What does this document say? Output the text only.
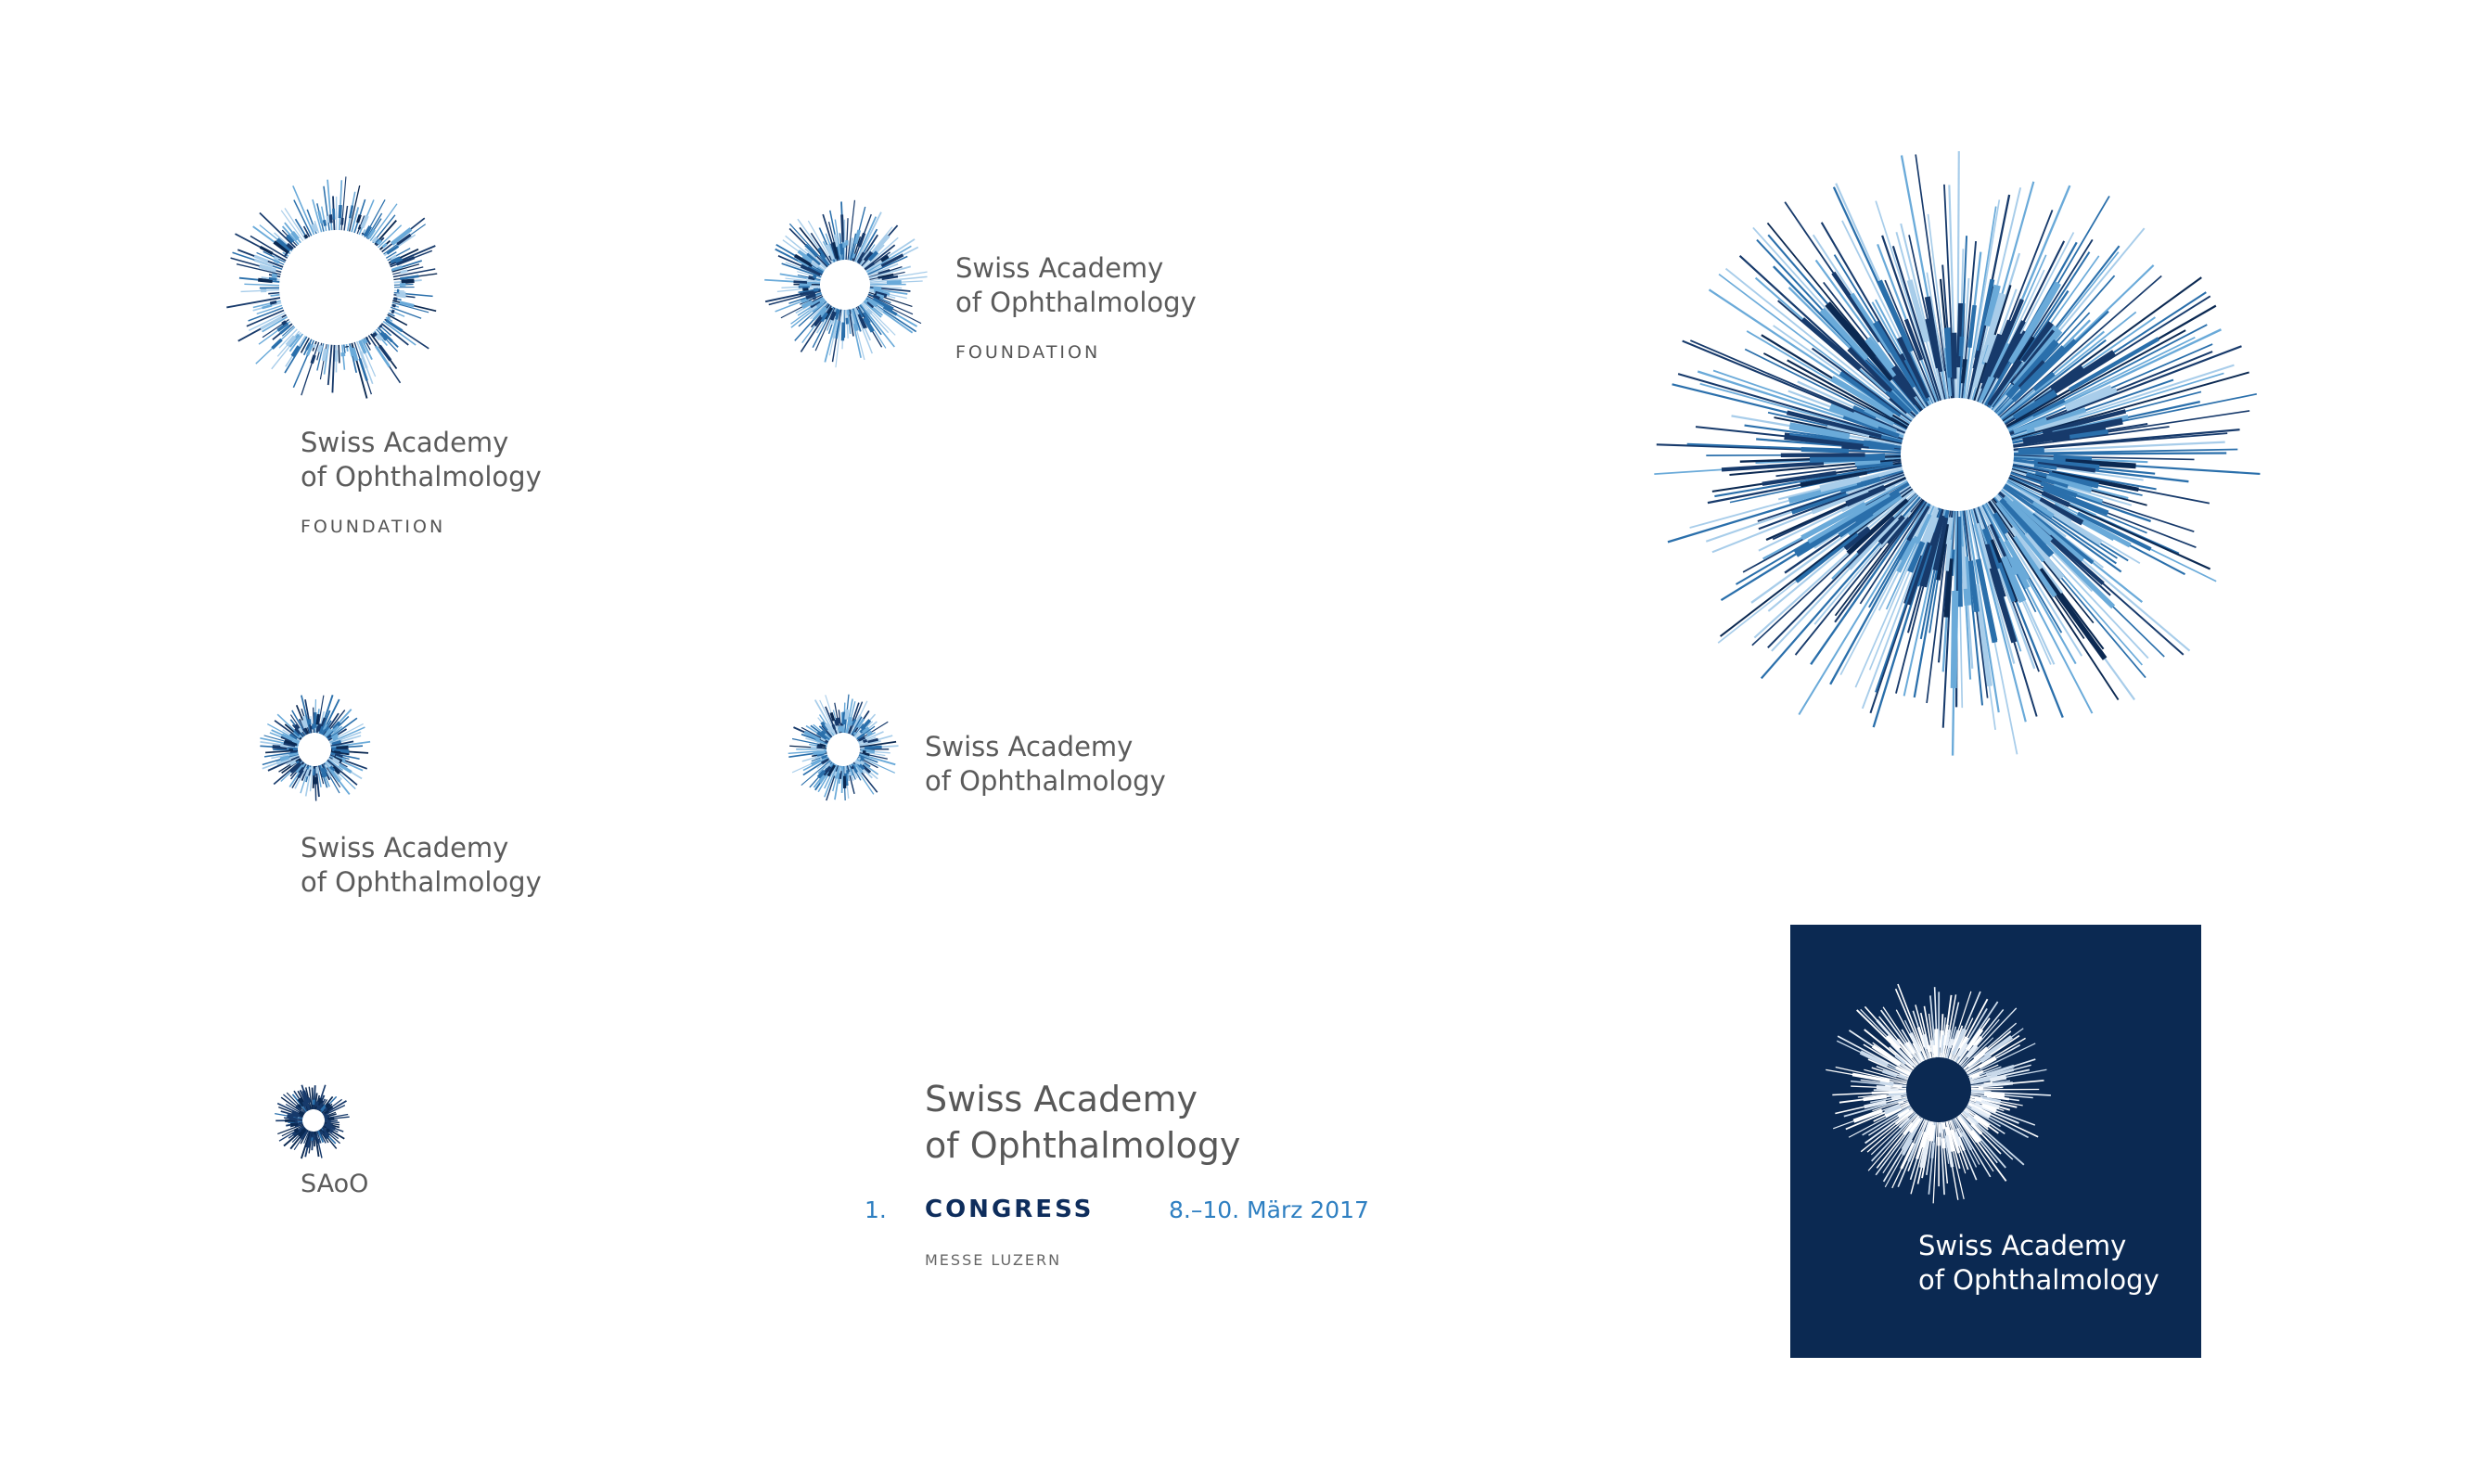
Swiss Academy
of Ophthalmology
FOUNDATION
Swiss Academy
of Ophthalmology
FOUNDATION
Swiss Academy
of Ophthalmology
Swiss Academy
of Ophthalmology
SAoO
Swiss Academy
of Ophthalmology
1. CONGRESS	8.–10. März 2017
MESSE LUZERN	Swiss Academy
of Ophthalmology
